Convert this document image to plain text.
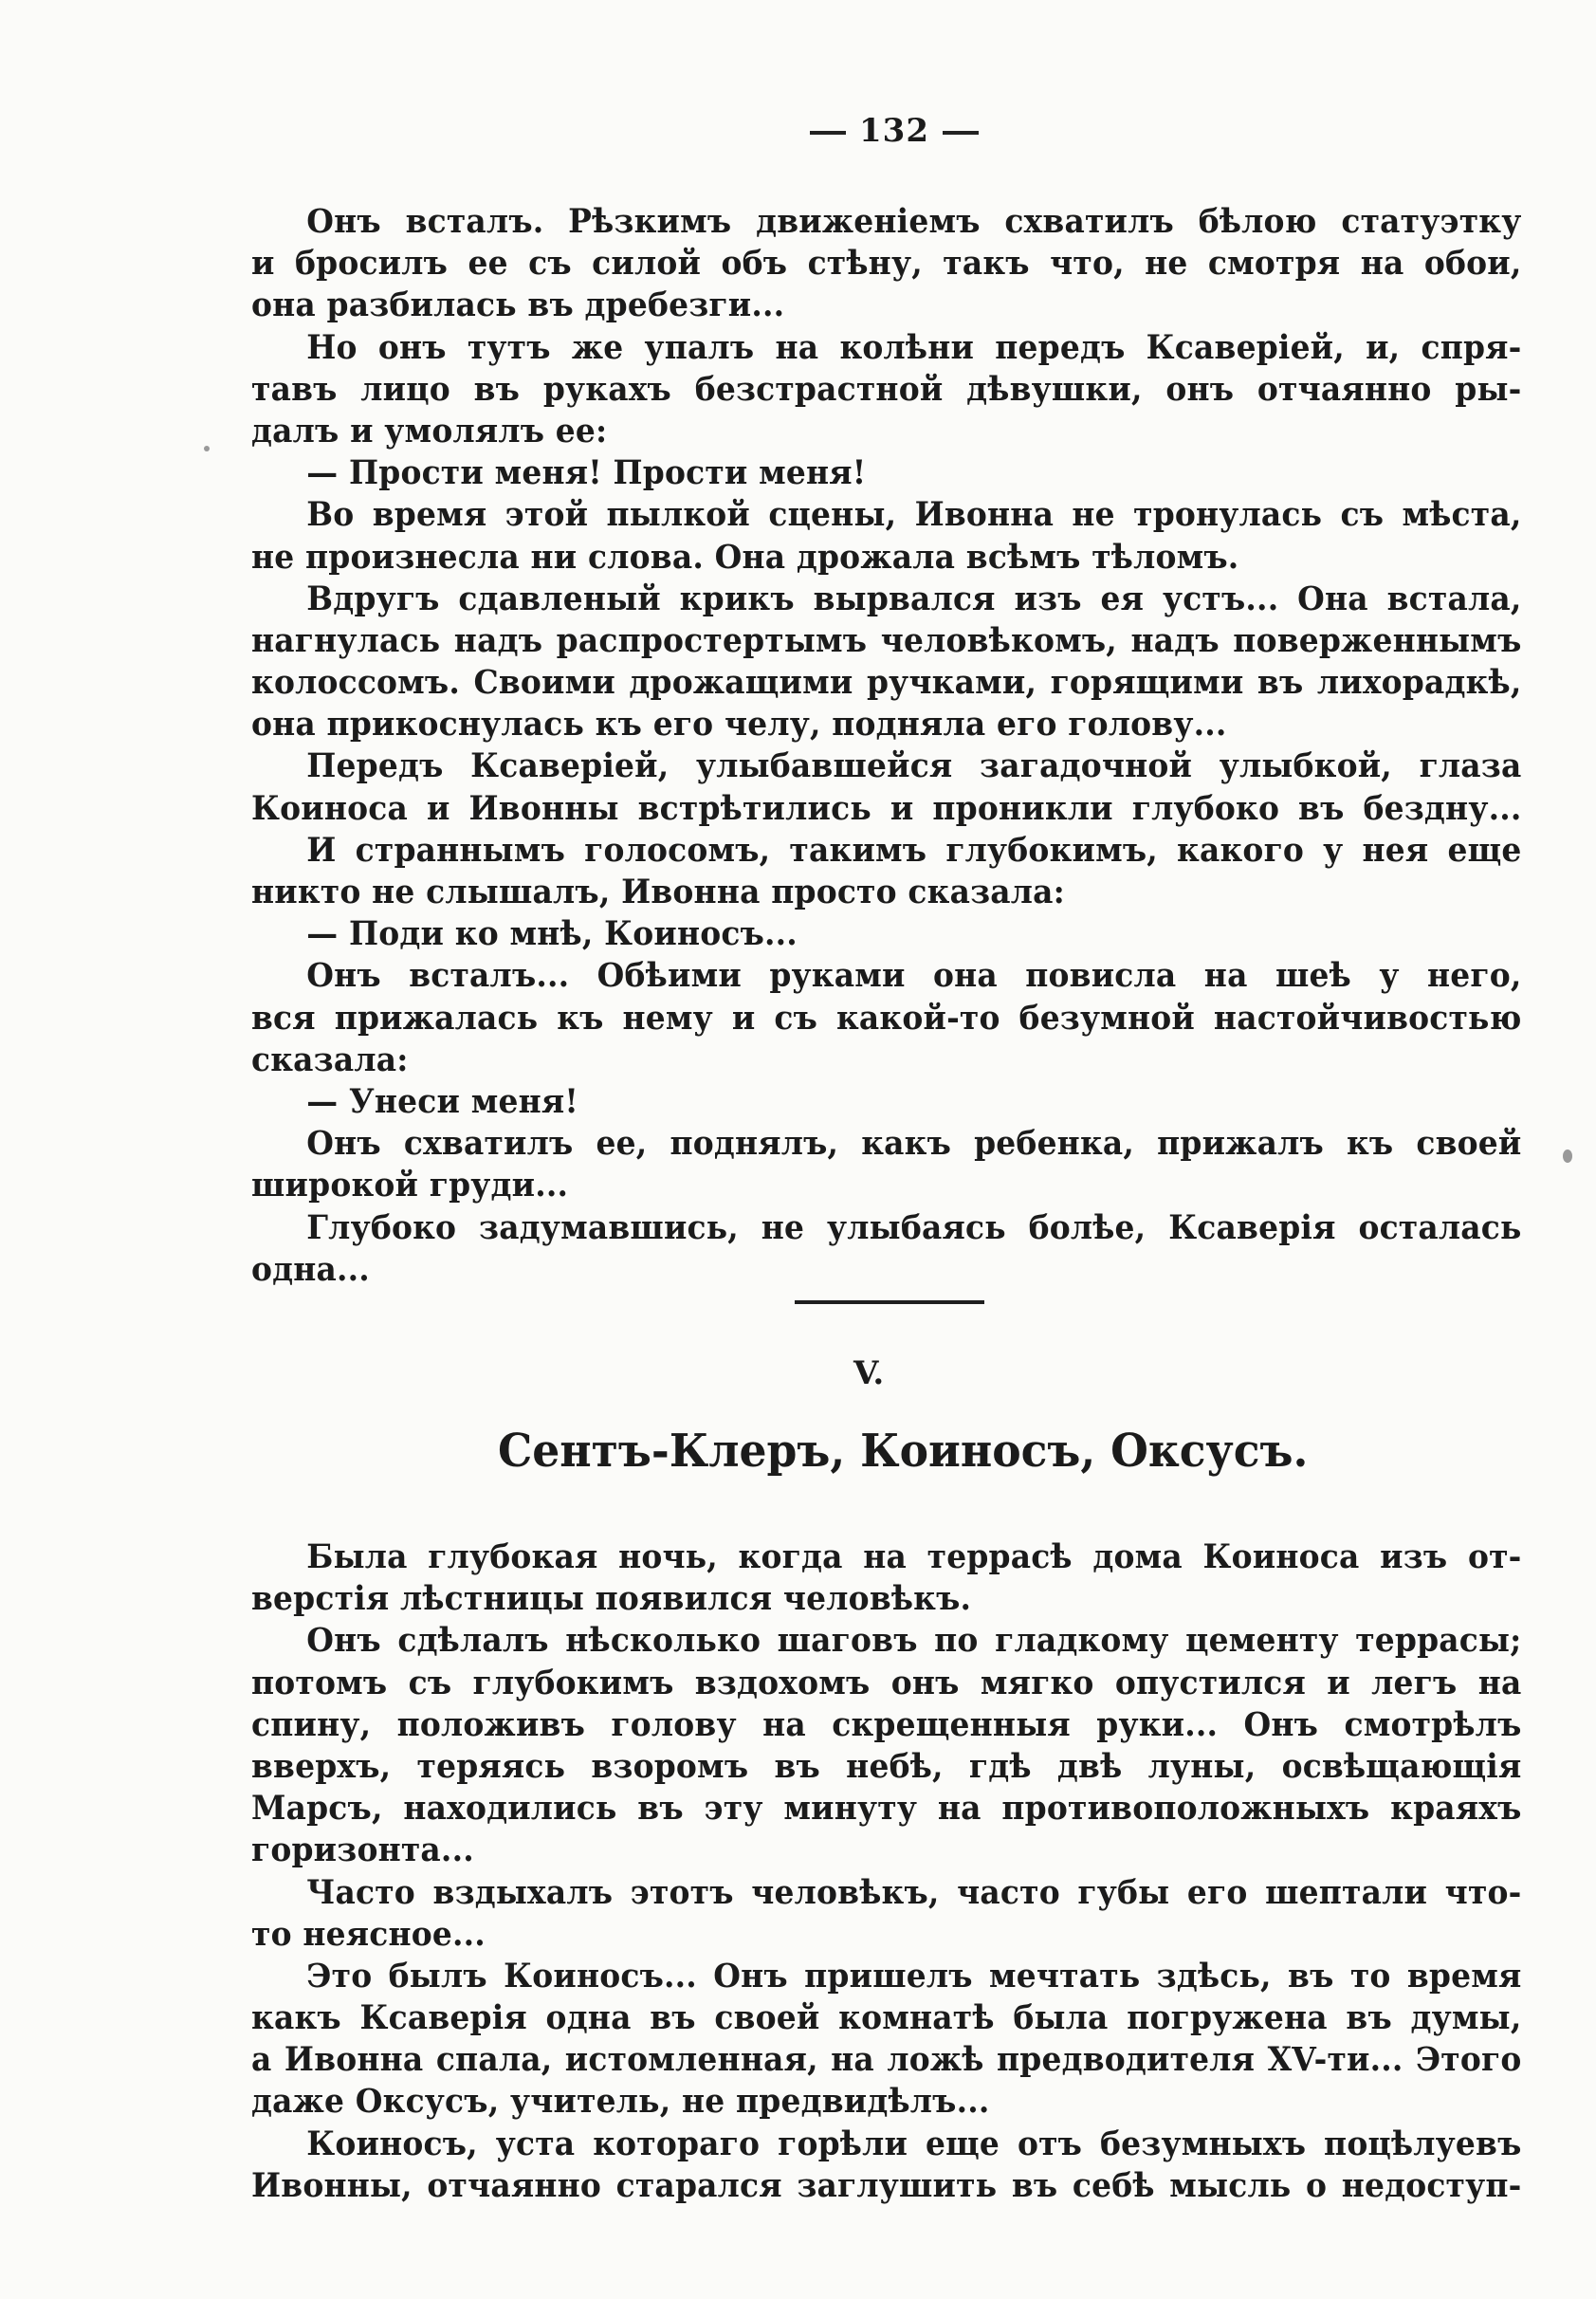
132
Онъ всталъ. Рѣзкимъ движенiемъ схватилъ бѣлою статуэтку
и бросилъ ее съ силой объ стѣну, такъ что, не смотря на обои,
она разбилась въ дребезги...
Но онъ тутъ же упалъ на колѣни передъ Ксаверiей, и, спря-
тавъ лицо въ рукахъ безстрастной дѣвушки, онъ отчаянно ры-
далъ и умолялъ ее:
— Прости меня! Прости меня!
Во время этой пылкой сцены, Ивонна не тронулась съ мѣста,
не произнесла ни слова. Она дрожала всѣмъ тѣломъ.
Вдругъ сдавленый крикъ вырвался изъ ея устъ... Она встала,
нагнулась надъ распростертымъ человѣкомъ, надъ поверженнымъ
колоссомъ. Своими дрожащими ручками, горящими въ лихорадкѣ,
она прикоснулась къ его челу, подняла его голову...
Передъ Ксаверiей, улыбавшейся загадочной улыбкой, глаза
Коиноса и Ивонны встрѣтились и проникли глубоко въ бездну...
И страннымъ голосомъ, такимъ глубокимъ, какого у нея еще
никто не слышалъ, Ивонна просто сказала:
— Поди ко мнѣ, Коиносъ...
Онъ всталъ... Обѣими руками она повисла на шеѣ у него,
вся прижалась къ нему и съ какой-то безумной настойчивостью
сказала:
— Унеси меня!
Онъ схватилъ ее, поднялъ, какъ ребенка, прижалъ къ своей
широкой груди...
Глубоко задумавшись, не улыбаясь болѣе, Ксаверiя осталась
одна...
Была глубокая ночь, когда на террасѣ дома Коиноса изъ от-
верстiя лѣстницы появился человѣкъ.
Онъ сдѣлалъ нѣсколько шаговъ по гладкому цементу террасы;
потомъ съ глубокимъ вздохомъ онъ мягко опустился и легъ на
спину, положивъ голову на скрещенныя руки... Онъ смотрѣлъ
вверхъ, теряясь взоромъ въ небѣ, гдѣ двѣ луны, освѣщающiя
Марсъ, находились въ эту минуту на противоположныхъ краяхъ
горизонта...
Часто вздыхалъ этотъ человѣкъ, часто губы его шептали что-
то неясное...
Это былъ Коиносъ... Онъ пришелъ мечтать здѣсь, въ то время
какъ Ксаверiя одна въ своей комнатѣ была погружена въ думы,
а Ивонна спала, истомленная, на ложѣ предводителя XV-ти... Этого
даже Оксусъ, учитель, не предвидѣлъ...
Коиносъ, уста котораго горѣли еще отъ безумныхъ поцѣлуевъ
Ивонны, отчаянно старался заглушить въ себѣ мысль о недоступ-
V.
Сентъ-Клеръ, Коиносъ, Оксусъ.
